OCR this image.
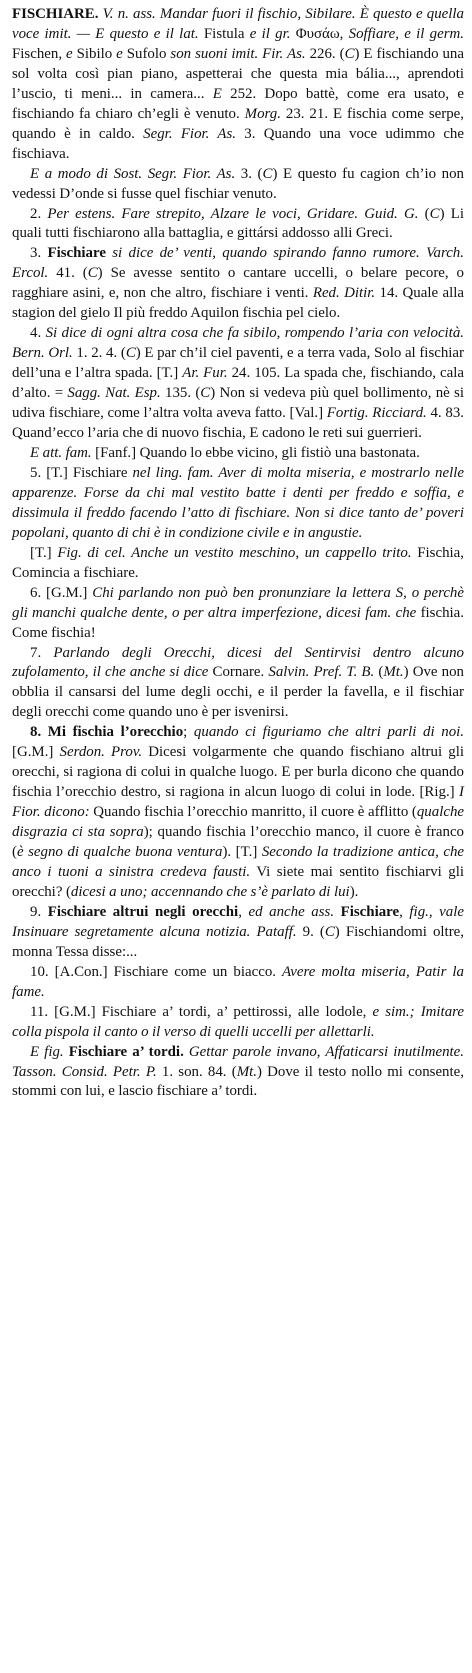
FISCHIARE. V. n. ass. Mandar fuori il fischio, Sibilare. È questo e quella voce imit. — E questo e il lat. Fistula e il gr. Φυσάω, Soffiare, e il germ. Fischen, e Sibilo e Sufolo son suoni imit. Fir. As. 226. (C) E fischiando una sol volta così pian piano, aspetterai che questa mia bália..., aprendoti l’uscio, ti meni... in camera... E 252. Dopo battè, come era usato, e fischiando fa chiaro ch’egli è venuto. Morg. 23. 21. E fischia come serpe, quando è in caldo. Segr. Fior. As. 3. Quando una voce udimmo che fischiava.

E a modo di Sost. Segr. Fior. As. 3. (C) E questo fu cagion ch’io non vedessi D’onde si fusse quel fischiar venuto.

2. Per estens. Fare strepito, Alzare le voci, Gridare. Guid. G. (C) Li quali tutti fischiarono alla battaglia, e gittársi addosso alli Greci.

3. Fischiare si dice de’ venti, quando spirando fanno rumore. Varch. Ercol. 41. (C) Se avesse sentito o cantare uccelli, o belare pecore, o ragghiare asini, e, non che altro, fischiare i venti. Red. Ditir. 14. Quale alla stagion del gielo Il più freddo Aquilon fischia pel cielo.

4. Si dice di ogni altra cosa che fa sibilo, rompendo l’aria con velocità. Bern. Orl. 1. 2. 4. (C) E par ch’il ciel paventi, e a terra vada, Solo al fischiar dell’una e l’altra spada. [T.] Ar. Fur. 24. 105. La spada che, fischiando, cala d’alto. = Sagg. Nat. Esp. 135. (C) Non si vedeva più quel bollimento, nè si udiva fischiare, come l’altra volta aveva fatto. [Val.] Fortig. Ricciard. 4. 83. Quand’ecco l’aria che di nuovo fischia, E cadono le reti sui guerrieri.

E att. fam. [Fanf.] Quando lo ebbe vicino, gli fistiò una bastonata.

5. [T.] Fischiare nel ling. fam. Aver di molta miseria, e mostrarlo nelle apparenze. Forse da chi mal vestito batte i denti per freddo e soffia, e dissimula il freddo facendo l’atto di fischiare. Non si dice tanto de’ poveri popolani, quanto di chi è in condizione civile e in angustie.

[T.] Fig. di cel. Anche un vestito meschino, un cappello trito. Fischia, Comincia a fischiare.

6. [G.M.] Chi parlando non può ben pronunziare la lettera S, o perchè gli manchi qualche dente, o per altra imperfezione, dicesi fam. che fischia. Come fischia!

7. Parlando degli Orecchi, dicesi del Sentirvisi dentro alcuno zufolamento, il che anche si dice Cornare. Salvin. Pref. T. B. (Mt.) Ove non obblia il cansarsi del lume degli occhi, e il perder la favella, e il fischiar degli orecchi come quando uno è per isvenirsi.

8. Mi fischia l’orecchio; quando ci figuriamo che altri parli di noi. [G.M.] Serdon. Prov. Dicesi volgarmente che quando fischiano altrui gli orecchi, si ragiona di colui in qualche luogo. E per burla dicono che quando fischia l’orecchio destro, si ragiona in alcun luogo di colui in lode. [Rig.] I Fior. dicono: Quando fischia l’orecchio manritto, il cuore è afflitto (qualche disgrazia ci sta sopra); quando fischia l’orecchio manco, il cuore è franco (è segno di qualche buona ventura). [T.] Secondo la tradizione antica, che anco i tuoni a sinistra credeva fausti. Vi siete mai sentito fischiarvi gli orecchi? (dicesi a uno; accennando che s’è parlato di lui).

9. Fischiare altrui negli orecchi, ed anche ass. Fischiare, fig., vale Insinuare segretamente alcuna notizia. Pataff. 9. (C) Fischiandomi oltre, monna Tessa disse:...

10. [A.Con.] Fischiare come un biacco. Avere molta miseria, Patir la fame.

11. [G.M.] Fischiare a’ tordi, a’ pettirossi, alle lodole, e sim.; Imitare colla pispola il canto o il verso di quelli uccelli per allettarli.

E fig. Fischiare a’ tordi. Gettar parole invano, Affaticarsi inutilmente. Tasson. Consid. Petr. P. 1. son. 84. (Mt.) Dove il testo nollo mi consente, stommi con lui, e lascio fischiare a’ tordi.
